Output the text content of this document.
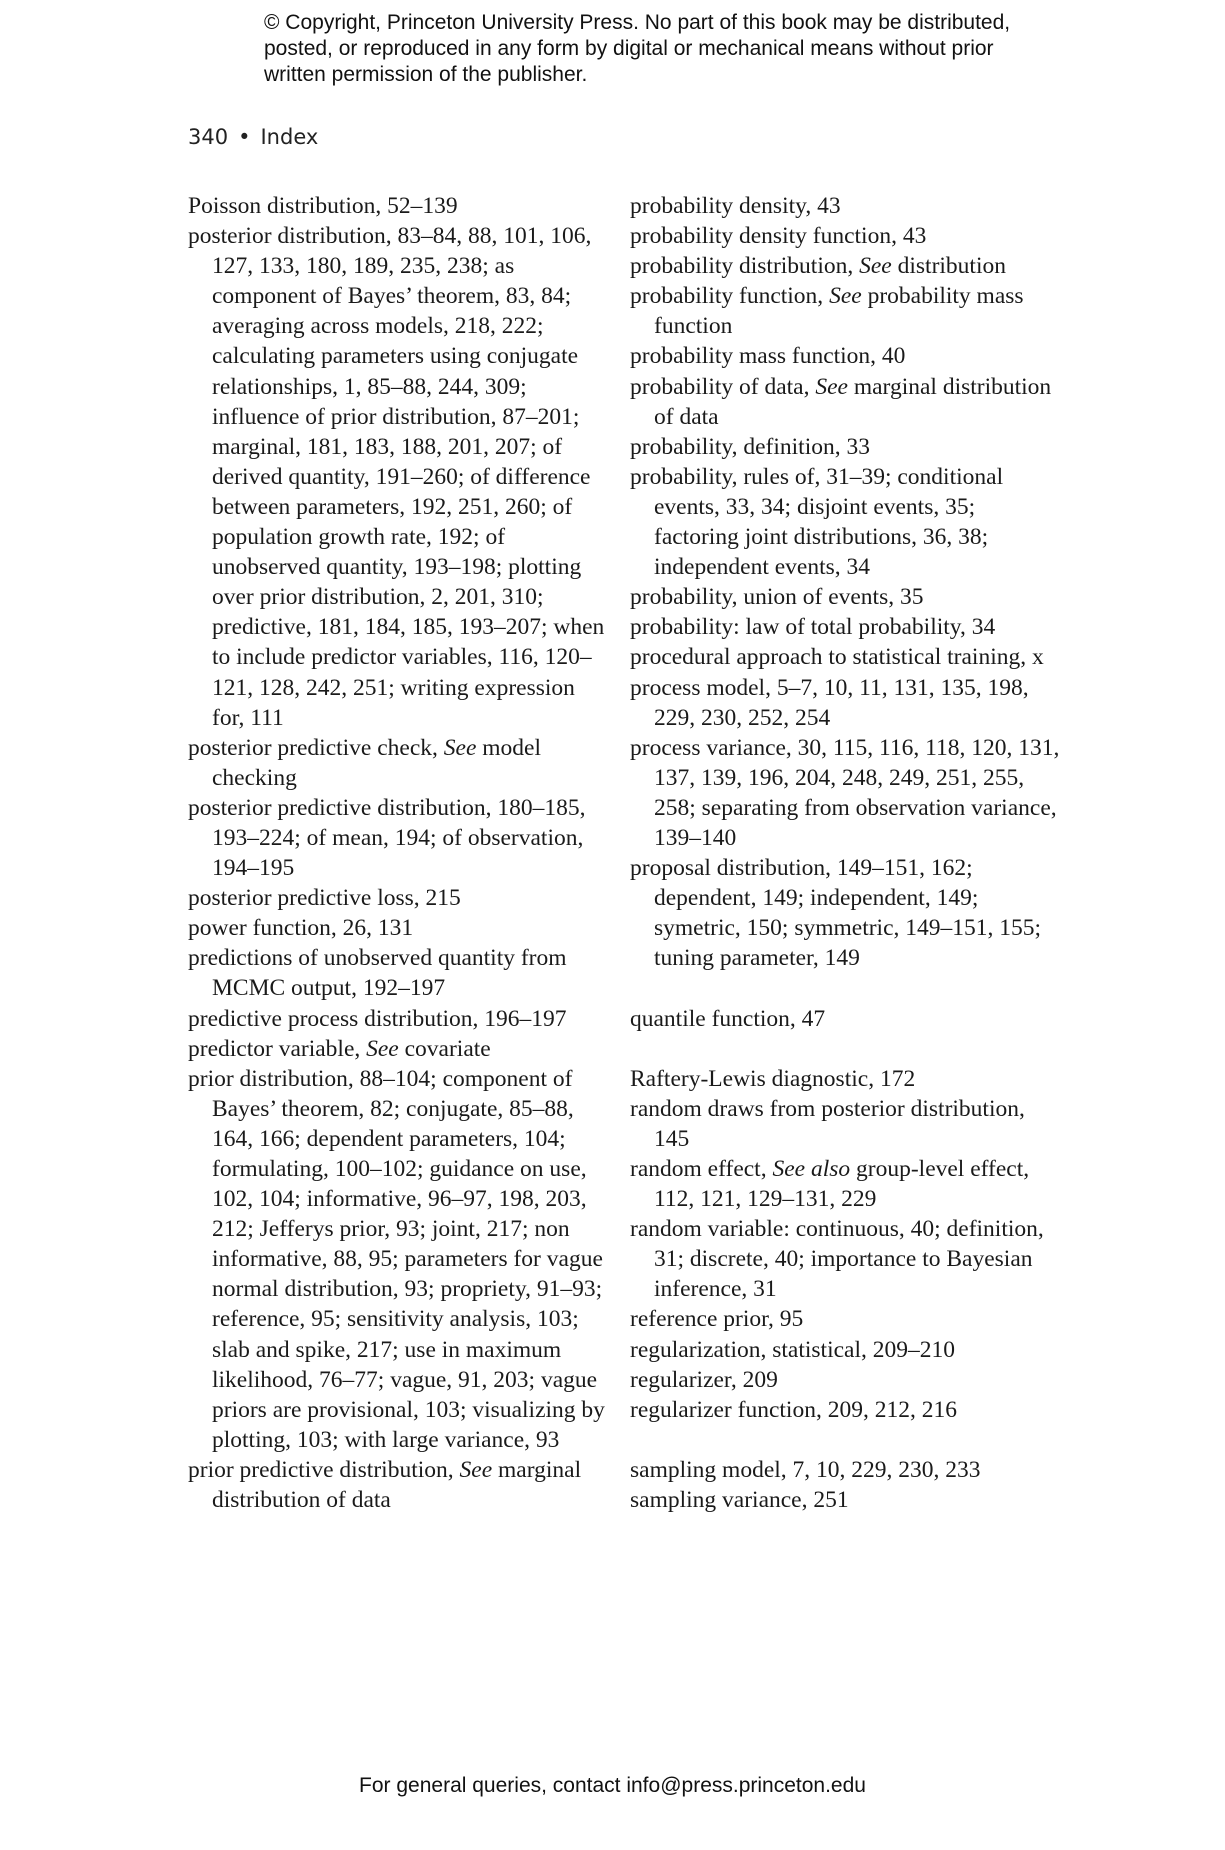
© Copyright, Princeton University Press. No part of this book may be distributed, posted, or reproduced in any form by digital or mechanical means without prior written permission of the publisher.

340 • Index
Poisson distribution, 52–139
posterior distribution, 83–84, 88, 101, 106, 127, 133, 180, 189, 235, 238; as component of Bayes’ theorem, 83, 84; averaging across models, 218, 222; calculating parameters using conjugate relationships, 1, 85–88, 244, 309; influence of prior distribution, 87–201; marginal, 181, 183, 188, 201, 207; of derived quantity, 191–260; of difference between parameters, 192, 251, 260; of population growth rate, 192; of unobserved quantity, 193–198; plotting over prior distribution, 2, 201, 310; predictive, 181, 184, 185, 193–207; when to include predictor variables, 116, 120–121, 128, 242, 251; writing expression for, 111
posterior predictive check, See model checking
posterior predictive distribution, 180–185, 193–224; of mean, 194; of observation, 194–195
posterior predictive loss, 215
power function, 26, 131
predictions of unobserved quantity from MCMC output, 192–197
predictive process distribution, 196–197
predictor variable, See covariate
prior distribution, 88–104; component of Bayes’ theorem, 82; conjugate, 85–88, 164, 166; dependent parameters, 104; formulating, 100–102; guidance on use, 102, 104; informative, 96–97, 198, 203, 212; Jefferys prior, 93; joint, 217; non informative, 88, 95; parameters for vague normal distribution, 93; propriety, 91–93; reference, 95; sensitivity analysis, 103; slab and spike, 217; use in maximum likelihood, 76–77; vague, 91, 203; vague priors are provisional, 103; visualizing by plotting, 103; with large variance, 93
prior predictive distribution, See marginal distribution of data
probability density, 43
probability density function, 43
probability distribution, See distribution
probability function, See probability mass function
probability mass function, 40
probability of data, See marginal distribution of data
probability, definition, 33
probability, rules of, 31–39; conditional events, 33, 34; disjoint events, 35; factoring joint distributions, 36, 38; independent events, 34
probability, union of events, 35
probability: law of total probability, 34
procedural approach to statistical training, x
process model, 5–7, 10, 11, 131, 135, 198, 229, 230, 252, 254
process variance, 30, 115, 116, 118, 120, 131, 137, 139, 196, 204, 248, 249, 251, 255, 258; separating from observation variance, 139–140
proposal distribution, 149–151, 162; dependent, 149; independent, 149; symetric, 150; symmetric, 149–151, 155; tuning parameter, 149
quantile function, 47
Raftery-Lewis diagnostic, 172
random draws from posterior distribution, 145
random effect, See also group-level effect, 112, 121, 129–131, 229
random variable: continuous, 40; definition, 31; discrete, 40; importance to Bayesian inference, 31
reference prior, 95
regularization, statistical, 209–210
regularizer, 209
regularizer function, 209, 212, 216
sampling model, 7, 10, 229, 230, 233
sampling variance, 251
For general queries, contact info@press.princeton.edu
